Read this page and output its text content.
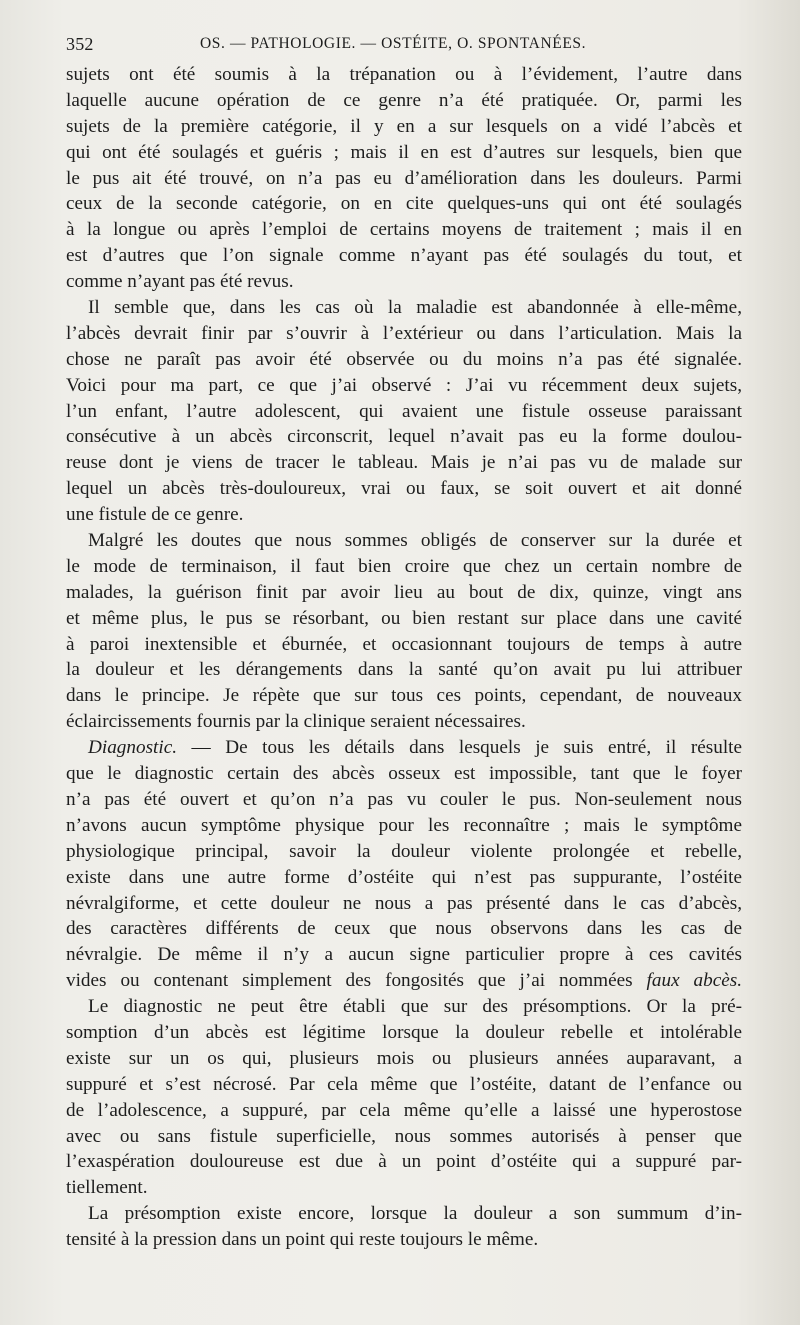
352	OS. — PATHOLOGIE. — OSTÉITE, O. SPONTANÉES.
sujets ont été soumis à la trépanation ou à l’évidement, l’autre dans
laquelle aucune opération de ce genre n’a été pratiquée. Or, parmi les
sujets de la première catégorie, il y en a sur lesquels on a vidé l’abcès et
qui ont été soulagés et guéris ; mais il en est d’autres sur lesquels, bien que
le pus ait été trouvé, on n’a pas eu d’amélioration dans les douleurs. Parmi
ceux de la seconde catégorie, on en cite quelques-uns qui ont été soulagés
à la longue ou après l’emploi de certains moyens de traitement ; mais il en
est d’autres que l’on signale comme n’ayant pas été soulagés du tout, et
comme n’ayant pas été revus.
Il semble que, dans les cas où la maladie est abandonnée à elle-même,
l’abcès devrait finir par s’ouvrir à l’extérieur ou dans l’articulation. Mais la
chose ne paraît pas avoir été observée ou du moins n’a pas été signalée.
Voici pour ma part, ce que j’ai observé : J’ai vu récemment deux sujets,
l’un enfant, l’autre adolescent, qui avaient une fistule osseuse paraissant
consécutive à un abcès circonscrit, lequel n’avait pas eu la forme doulou-
reuse dont je viens de tracer le tableau. Mais je n’ai pas vu de malade sur
lequel un abcès très-douloureux, vrai ou faux, se soit ouvert et ait donné
une fistule de ce genre.
Malgré les doutes que nous sommes obligés de conserver sur la durée et
le mode de terminaison, il faut bien croire que chez un certain nombre de
malades, la guérison finit par avoir lieu au bout de dix, quinze, vingt ans
et même plus, le pus se résorbant, ou bien restant sur place dans une cavité
à paroi inextensible et éburnée, et occasionnant toujours de temps à autre
la douleur et les dérangements dans la santé qu’on avait pu lui attribuer
dans le principe. Je répète que sur tous ces points, cependant, de nouveaux
éclaircissements fournis par la clinique seraient nécessaires.
Diagnostic. — De tous les détails dans lesquels je suis entré, il résulte
que le diagnostic certain des abcès osseux est impossible, tant que le foyer
n’a pas été ouvert et qu’on n’a pas vu couler le pus. Non-seulement nous
n’avons aucun symptôme physique pour les reconnaître ; mais le symptôme
physiologique principal, savoir la douleur violente prolongée et rebelle,
existe dans une autre forme d’ostéite qui n’est pas suppurante, l’ostéite
névralgiforme, et cette douleur ne nous a pas présenté dans le cas d’abcès,
des caractères différents de ceux que nous observons dans les cas de
névralgie. De même il n’y a aucun signe particulier propre à ces cavités
vides ou contenant simplement des fongosités que j’ai nommées faux abcès.
Le diagnostic ne peut être établi que sur des présomptions. Or la pré-
somption d’un abcès est légitime lorsque la douleur rebelle et intolérable
existe sur un os qui, plusieurs mois ou plusieurs années auparavant, a
suppuré et s’est nécrosé. Par cela même que l’ostéite, datant de l’enfance ou
de l’adolescence, a suppuré, par cela même qu’elle a laissé une hyperostose
avec ou sans fistule superficielle, nous sommes autorisés à penser que
l’exaspération douloureuse est due à un point d’ostéite qui a suppuré par-
tiellement.
La présomption existe encore, lorsque la douleur a son summum d’in-
tensité à la pression dans un point qui reste toujours le même.
